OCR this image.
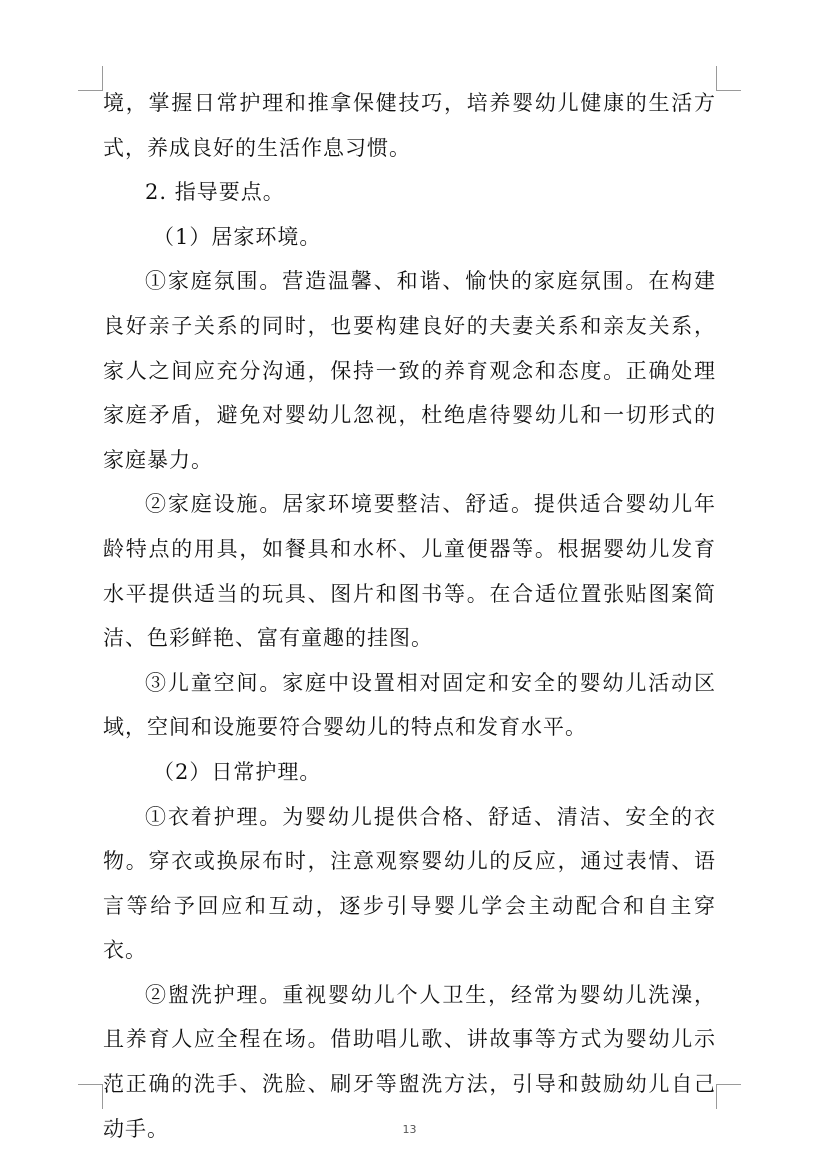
境，掌握日常护理和推拿保健技巧，培养婴幼儿健康的生活方式，养成良好的生活作息习惯。

2. 指导要点。

（1）居家环境。

①家庭氛围。营造温馨、和谐、愉快的家庭氛围。在构建良好亲子关系的同时，也要构建良好的夫妻关系和亲友关系，家人之间应充分沟通，保持一致的养育观念和态度。正确处理家庭矛盾，避免对婴幼儿忽视，杜绝虐待婴幼儿和一切形式的家庭暴力。

②家庭设施。居家环境要整洁、舒适。提供适合婴幼儿年龄特点的用具，如餐具和水杯、儿童便器等。根据婴幼儿发育水平提供适当的玩具、图片和图书等。在合适位置张贴图案简洁、色彩鲜艳、富有童趣的挂图。

③儿童空间。家庭中设置相对固定和安全的婴幼儿活动区域，空间和设施要符合婴幼儿的特点和发育水平。

（2）日常护理。

①衣着护理。为婴幼儿提供合格、舒适、清洁、安全的衣物。穿衣或换尿布时，注意观察婴幼儿的反应，通过表情、语言等给予回应和互动，逐步引导婴儿学会主动配合和自主穿衣。

②盥洗护理。重视婴幼儿个人卫生，经常为婴幼儿洗澡，且养育人应全程在场。借助唱儿歌、讲故事等方式为婴幼儿示范正确的洗手、洗脸、刷牙等盥洗方法，引导和鼓励幼儿自己动手。	13
